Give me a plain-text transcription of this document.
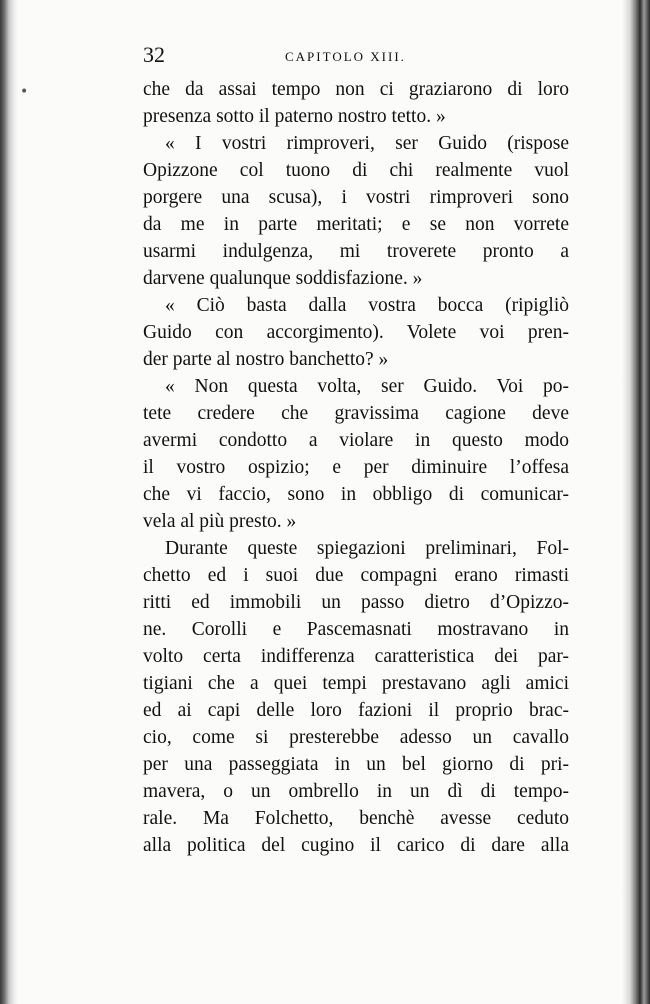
32	CAPITOLO XIII.
che da assai tempo non ci graziarono di loro
presenza sotto il paterno nostro tetto. »
« I vostri rimproveri, ser Guido (rispose
Opizzone col tuono di chi realmente vuol
porgere una scusa), i vostri rimproveri sono
da me in parte meritati; e se non vorrete
usarmi indulgenza, mi troverete pronto a
darvene qualunque soddisfazione. »
« Ciò basta dalla vostra bocca (ripigliò
Guido con accorgimento). Volete voi pren-
der parte al nostro banchetto? »
« Non questa volta, ser Guido. Voi po-
tete credere che gravissima cagione deve
avermi condotto a violare in questo modo
il vostro ospizio; e per diminuire l’offesa
che vi faccio, sono in obbligo di comunicar-
vela al più presto. »
Durante queste spiegazioni preliminari, Fol-
chetto ed i suoi due compagni erano rimasti
ritti ed immobili un passo dietro d’Opizzo-
ne. Corolli e Pascemasnati mostravano in
volto certa indifferenza caratteristica dei par-
tigiani che a quei tempi prestavano agli amici
ed ai capi delle loro fazioni il proprio brac-
cio, come si presterebbe adesso un cavallo
per una passeggiata in un bel giorno di pri-
mavera, o un ombrello in un dì di tempo-
rale. Ma Folchetto, benchè avesse ceduto
alla politica del cugino il carico di dare alla
•
